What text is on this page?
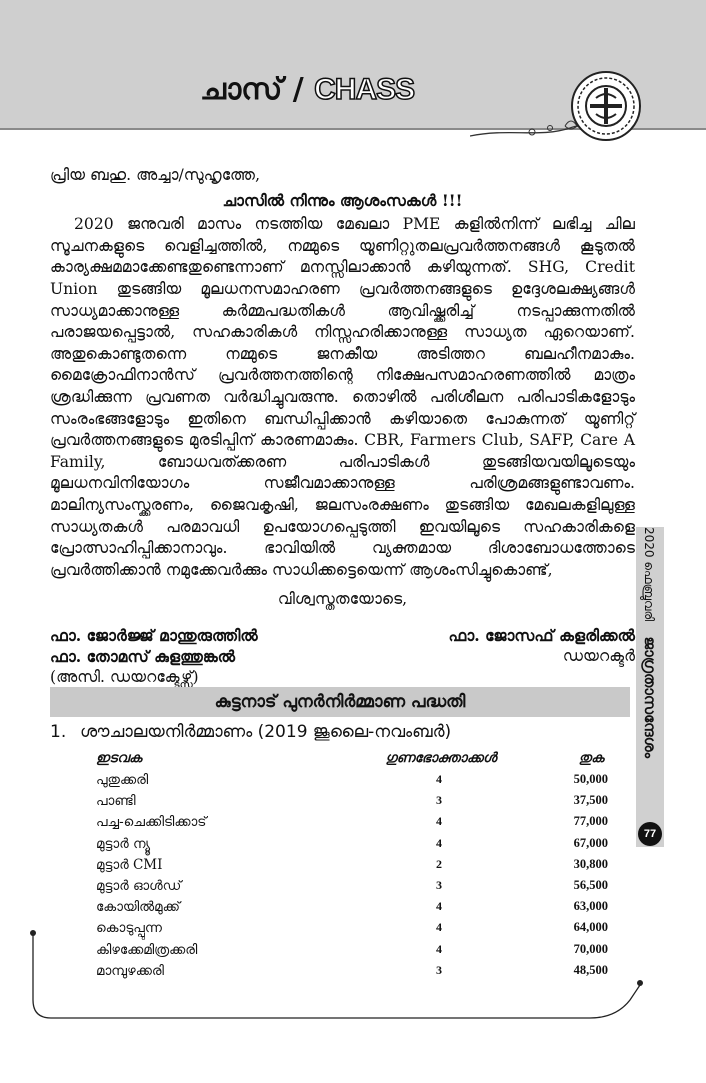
ചാസ് / CHASS

പ്രിയ ബഹു. അച്ചാ/സുഹൃത്തേ,

ചാസിൽ നിന്നും ആശംസകൾ !!!

2020 ജനുവരി മാസം നടത്തിയ മേഖലാ PME കളിൽനിന്ന് ലഭിച്ച ചില സൂചനകളുടെ വെളിച്ചത്തിൽ, നമ്മുടെ യൂണിറ്റുതലപ്രവർത്തനങ്ങൾ കൂടുതൽ കാര്യക്ഷമമാക്കേണ്ടതുണ്ടെന്നാണ് മനസ്സിലാക്കാൻ കഴിയുന്നത്. SHG, Credit Union തുടങ്ങിയ മൂലധനസമാഹരണ പ്രവർത്തനങ്ങളുടെ ഉദ്ദേശലക്ഷ്യങ്ങൾ സാധ്യമാക്കാനുള്ള കർമ്മപദ്ധതികൾ ആവിഷ്ക്കരിച്ച് നടപ്പാക്കുന്നതിൽ പരാജയപ്പെട്ടാൽ, സഹകാരികൾ നിസ്സഹരിക്കാനുള്ള സാധ്യത ഏറെയാണ്. അതുകൊണ്ടുതന്നെ നമ്മുടെ ജനകീയ അടിത്തറ ബലഹീനമാകും. മൈക്രോഫിനാൻസ് പ്രവർത്തനത്തിന്റെ നിക്ഷേപസമാഹരണത്തിൽ മാത്രം ശ്രദ്ധിക്കുന്ന പ്രവണത വർദ്ധിച്ചുവരുന്നു. തൊഴിൽ പരിശീലന പരിപാടികളോടും സംരംഭങ്ങളോടും ഇതിനെ ബന്ധിപ്പിക്കാൻ കഴിയാതെ പോകുന്നത് യൂണിറ്റ് പ്രവർത്തനങ്ങളുടെ മുരടിപ്പിന് കാരണമാകും. CBR, Farmers Club, SAFP, Care A Family, ബോധവത്ക്കരണ പരിപാടികൾ തുടങ്ങിയവയിലൂടെയും മൂലധനവിനിയോഗം സജീവമാക്കാനുള്ള പരിശ്രമങ്ങളുണ്ടാവണം. മാലിന്യസംസ്ക്കരണം, ജൈവകൃഷി, ജലസംരക്ഷണം തുടങ്ങിയ മേഖലകളിലുള്ള സാധ്യതകൾ പരമാവധി ഉപയോഗപ്പെടുത്തി ഇവയിലൂടെ സഹകാരികളെ പ്രോത്സാഹിപ്പിക്കാനാവും. ഭാവിയിൽ വ്യക്തമായ ദിശാബോധത്തോടെ പ്രവർത്തിക്കാൻ നമുക്കേവർക്കും സാധിക്കട്ടെയെന്ന് ആശംസിച്ചുകൊണ്ട്,

വിശ്വസ്തതയോടെ,

ഫാ. ജോർജ്ജ് മാന്തുരുത്തിൽ	ഫാ. ജോസഫ് കളരിക്കൽ
ഫാ. തോമസ് കുളത്തുങ്കൽ	ഡയറക്ടർ
(അസി. ഡയറക്ടേഴ്സ്)
കുട്ടനാട് പുനർനിർമ്മാണ പദ്ധതി
1. ശൗചാലയനിർമ്മാണം (2019 ജൂലൈ-നവംബർ)
ഇടവക	ഗുണഭോക്താക്കൾ	തുക
പുതുക്കരി	4	50,000
പാണ്ടി	3	37,500
പച്ച-ചെക്കിടിക്കാട്	4	77,000
മുട്ടാർ ന്യൂ	4	67,000
മുട്ടാർ CMI	2	30,800
മുട്ടാർ ഓൾഡ്	3	56,500
കോയിൽമുക്ക്	4	63,000
കൊടുപ്പുന്ന	4	64,000
കിഴക്കേമിത്രക്കരി	4	70,000
മാമ്പുഴക്കരി	3	48,500
2020 ഫെബ്രുവരി    ജാഗ്രതാസന്ദേശം
77
